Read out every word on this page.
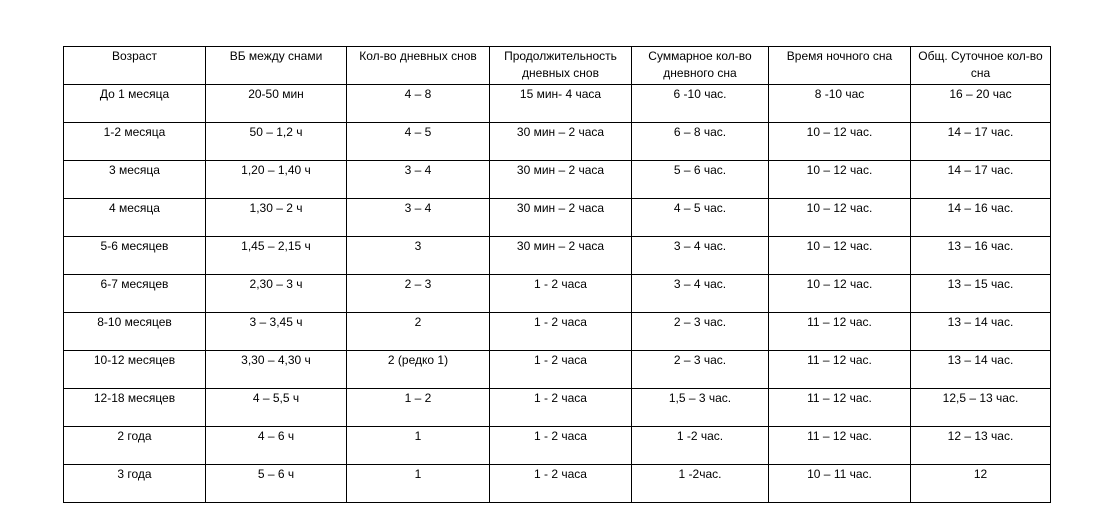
Возраст	ВБ между снами	Кол-во дневных снов	Продолжительность дневных снов	Суммарное кол-во дневного сна	Время ночного сна	Общ. Суточное кол-во сна
До 1 месяца	20-50 мин	4 – 8	15 мин- 4 часа	6 -10 час.	8 -10 час	16 – 20 час
1-2 месяца	50 – 1,2 ч	4 – 5	30 мин – 2 часа	6 – 8 час.	10 – 12 час.	14 – 17 час.
3 месяца	1,20 – 1,40 ч	3 – 4	30 мин – 2 часа	5 – 6 час.	10 – 12 час.	14 – 17 час.
4 месяца	1,30 – 2 ч	3 – 4	30 мин – 2 часа	4 – 5 час.	10 – 12 час.	14 – 16 час.
5-6 месяцев	1,45 – 2,15 ч	3	30 мин – 2 часа	3 – 4 час.	10 – 12 час.	13 – 16 час.
6-7 месяцев	2,30 – 3 ч	2 – 3	1 - 2 часа	3 – 4 час.	10 – 12 час.	13 – 15 час.
8-10 месяцев	3 – 3,45 ч	2	1 - 2 часа	2 – 3 час.	11 – 12 час.	13 – 14 час.
10-12 месяцев	3,30 – 4,30 ч	2 (редко 1)	1 - 2 часа	2 – 3 час.	11 – 12 час.	13 – 14 час.
12-18 месяцев	4 – 5,5 ч	1 – 2	1 - 2 часа	1,5 – 3 час.	11 – 12 час.	12,5 – 13 час.
2 года	4 – 6 ч	1	1 - 2 часа	1 -2 час.	11 – 12 час.	12 – 13 час.
3 года	5 – 6 ч	1	1 - 2 часа	1 -2час.	10 – 11 час.	12
